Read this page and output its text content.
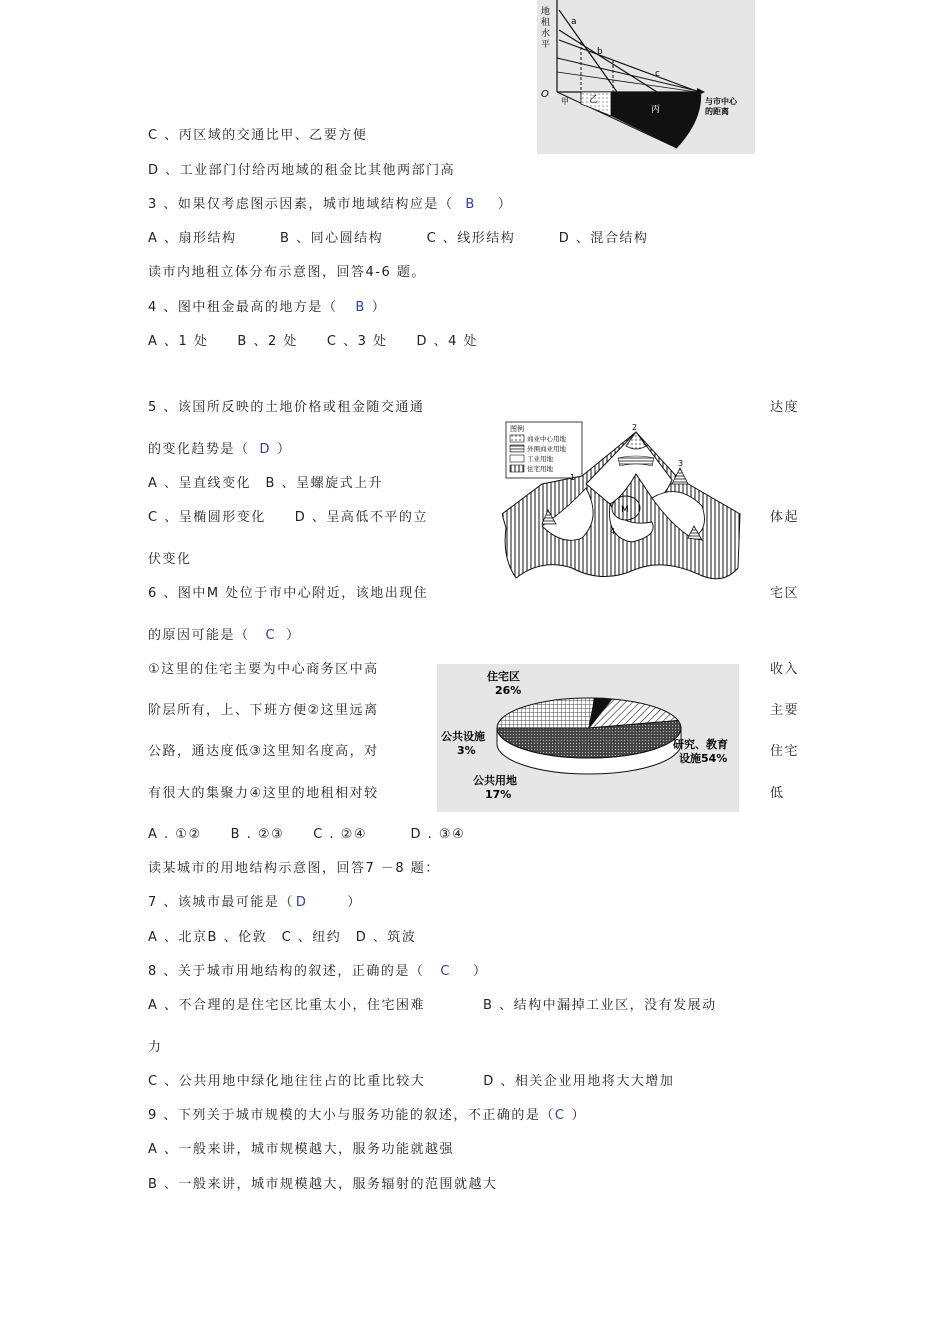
C 、丙区域的交通比甲、乙要方便
D 、工业部门付给丙地域的租金比其他两部门高
3 、如果仅考虑图示因素，城市地域结构应是（ B ）
A 、扇形结构　　　B 、同心圆结构　　　C 、线形结构　　　D 、混合结构
读市内地租立体分布示意图，回答4-6 题。
4 、图中租金最高的地方是（ B ）
A 、1 处　　B 、2 处　　C 、3 处　　D 、4 处
5 、该国所反映的土地价格或租金随交通通	达度
的变化趋势是（ D ）
A 、呈直线变化　B 、呈螺旋式上升
C 、呈椭圆形变化　　D 、呈高低不平的立	体起
伏变化
6 、图中M 处位于市中心附近，该地出现住	宅区
的原因可能是（ C ）
①这里的住宅主要为中心商务区中高	收入
阶层所有，上、下班方便②这里远离	主要
公路，通达度低③这里知名度高，对	住宅
有很大的集聚力④这里的地租相对较	低
A . ①②　　B . ②③　　C . ②④　　　D . ③④
读某城市的用地结构示意图，回答7 －8 题：
7 、该城市最可能是（ D	）
A 、北京B 、伦敦　C 、纽约　D 、筑波
8 、关于城市用地结构的叙述，正确的是（ C ）
A 、不合理的是住宅区比重太小，住宅困难　　　　B 、结构中漏掉工业区，没有发展动
力
C 、公共用地中绿化地往往占的比重比较大　　　　D 、相关企业用地将大大增加
9 、下列关于城市规模的大小与服务功能的叙述，不正确的是（C ）
A 、一般来讲，城市规模越大，服务功能就越强
B 、一般来讲，城市规模越大，服务辐射的范围就越大
地
租
水
平
O
a
b
c
甲 乙
丙
与市中心
的距离
图例
商业中心用地
外围商业用地
工业用地
住宅用地
1
2
3
4
M
住宅区
26%
公共设施
3%
公共用地
17%
研究、教育
设施54%
